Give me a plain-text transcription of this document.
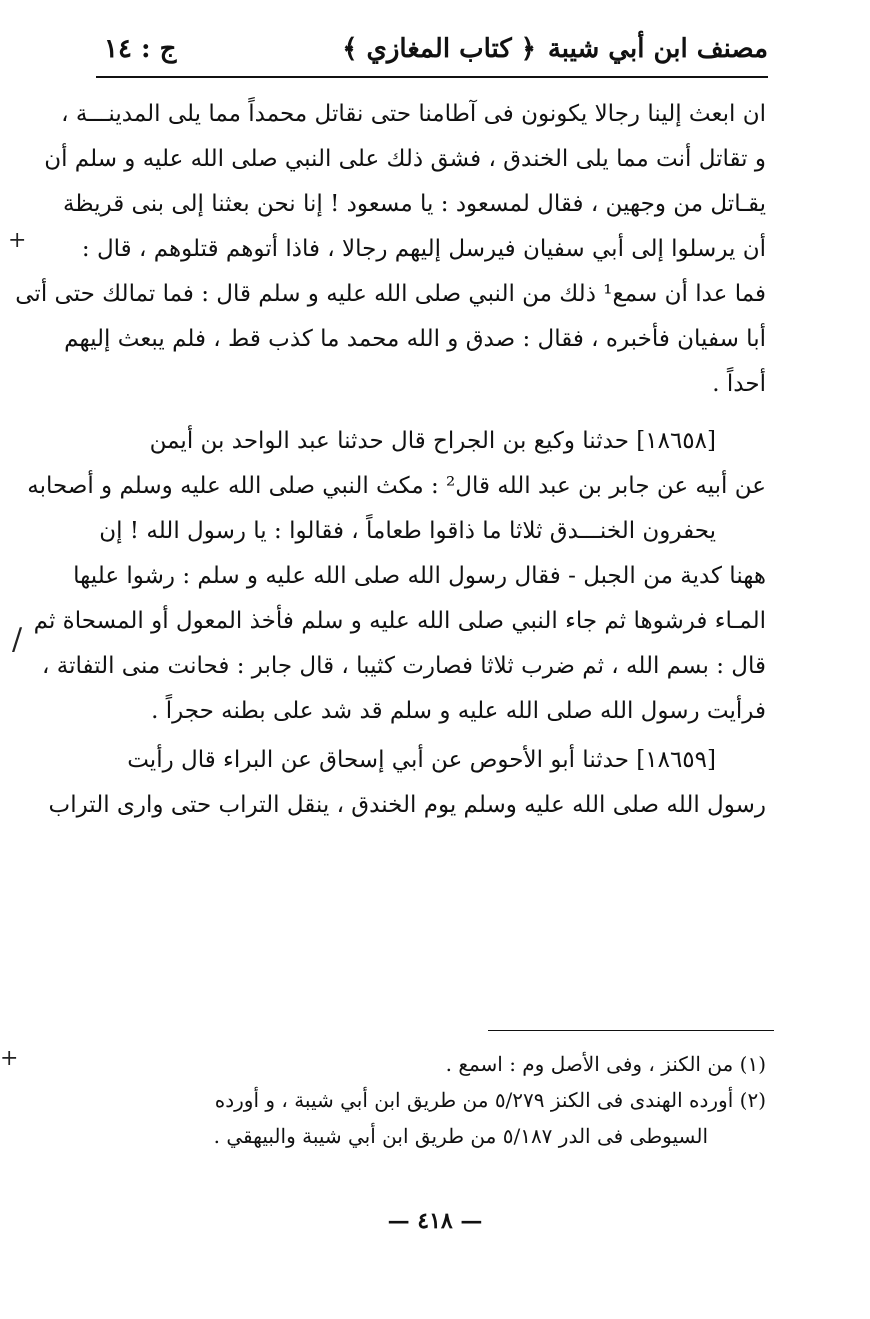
مصنف ابن أبي شيبة
﴿ كتاب المغازي ﴾
ج : ١٤

ان ابعث إلينا رجالا يكونون فى آطامنا حتى نقاتل محمداً مما يلى المدينـــة ،
و تقاتل أنت مما يلى الخندق ، فشق ذلك على النبي صلى الله عليه و سلم أن
يقـاتل من وجهين ، فقال لمسعود : يا مسعود ! إنا نحن بعثنا إلى بنى قريظة
أن يرسلوا إلى أبي سفيان فيرسل إليهم رجالا ، فاذا أتوهم قتلوهم ، قال :
فما عدا أن سمع¹ ذلك من النبي صلى الله عليه و سلم قال : فما تمالك حتى أتى
أبا سفيان فأخبره ، فقال : صدق و الله محمد ما كذب قط ، فلم يبعث إليهم
أحداً .

[١٨٦٥٨] حدثنا وكيع بن الجراح قال حدثنا عبد الواحد بن أيمن
عن أبيه عن جابر بن عبد الله قال² : مكث النبي صلى الله عليه وسلم و أصحابه
يحفرون الخنـــدق ثلاثا ما ذاقوا طعاماً ، فقالوا : يا رسول الله ! إن
ههنا كدية من الجبل - فقال رسول الله صلى الله عليه و سلم : رشوا عليها
المـاء فرشوها ثم جاء النبي صلى الله عليه و سلم فأخذ المعول أو المسحاة ثم
قال : بسم الله ، ثم ضرب ثلاثا فصارت كثيبا ، قال جابر : فحانت منى التفاتة ،
فرأيت رسول الله صلى الله عليه و سلم قد شد على بطنه حجراً .

[١٨٦٥٩] حدثنا أبو الأحوص عن أبي إسحاق عن البراء قال رأيت
رسول الله صلى الله عليه وسلم يوم الخندق ، ينقل التراب حتى وارى التراب

(١) من الكنز ، وفى الأصل وم : اسمع .
(٢) أورده الهندى فى الكنز ٥/٢٧٩ من طريق ابن أبي شيبة ، و أورده
السيوطى فى الدر ٥/١٨٧ من طريق ابن أبي شيبة والبيهقي .
— ٤١٨ —
+
/
+
